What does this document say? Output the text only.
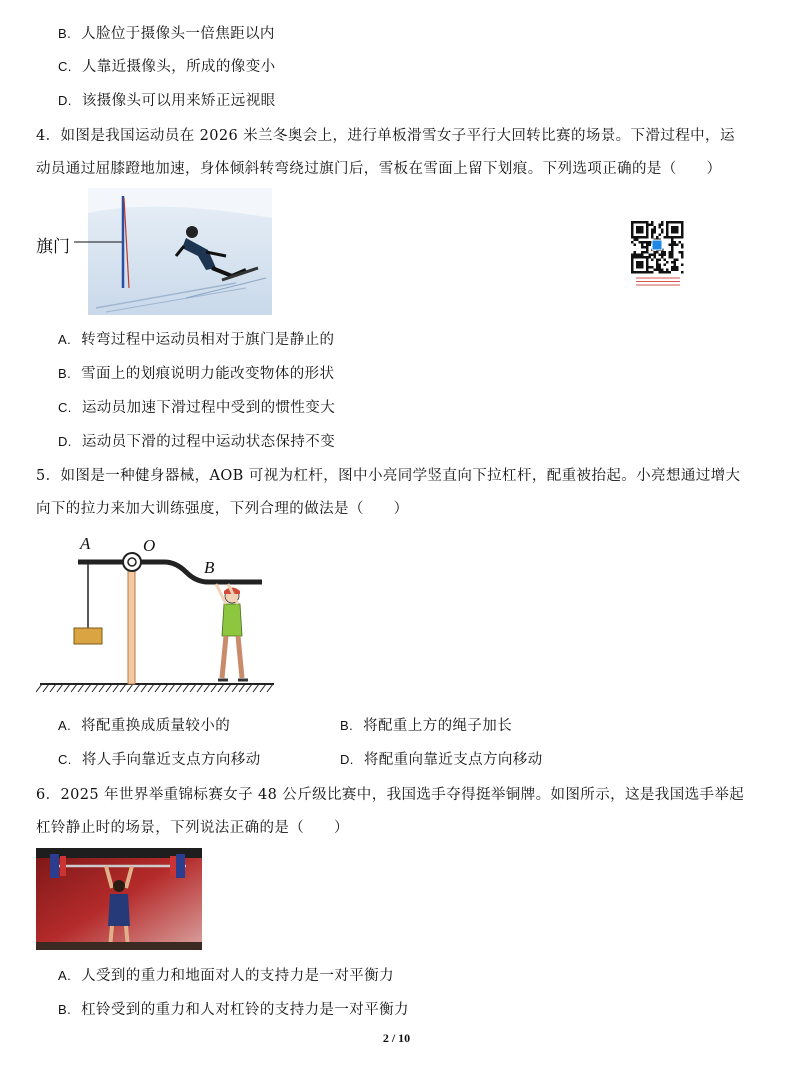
B. 人脸位于摄像头一倍焦距以内
C. 人靠近摄像头，所成的像变小
D. 该摄像头可以用来矫正远视眼
4．如图是我国运动员在 2026 米兰冬奥会上，进行单板滑雪女子平行大回转比赛的场景。下滑过程中，运
动员通过屈膝蹬地加速，身体倾斜转弯绕过旗门后，雪板在雪面上留下划痕。下列选项正确的是（　　）
旗门
A. 转弯过程中运动员相对于旗门是静止的
B. 雪面上的划痕说明力能改变物体的形状
C. 运动员加速下滑过程中受到的惯性变大
D. 运动员下滑的过程中运动状态保持不变
5．如图是一种健身器械，AOB 可视为杠杆，图中小亮同学竖直向下拉杠杆，配重被抬起。小亮想通过增大
向下的拉力来加大训练强度，下列合理的做法是（　　）
A	O
B
A. 将配重换成质量较小的	B. 将配重上方的绳子加长
C. 将人手向靠近支点方向移动	D. 将配重向靠近支点方向移动
6．2025 年世界举重锦标赛女子 48 公斤级比赛中，我国选手夺得挺举铜牌。如图所示，这是我国选手举起
杠铃静止时的场景，下列说法正确的是（　　）
A. 人受到的重力和地面对人的支持力是一对平衡力
B. 杠铃受到的重力和人对杠铃的支持力是一对平衡力
2 / 10
